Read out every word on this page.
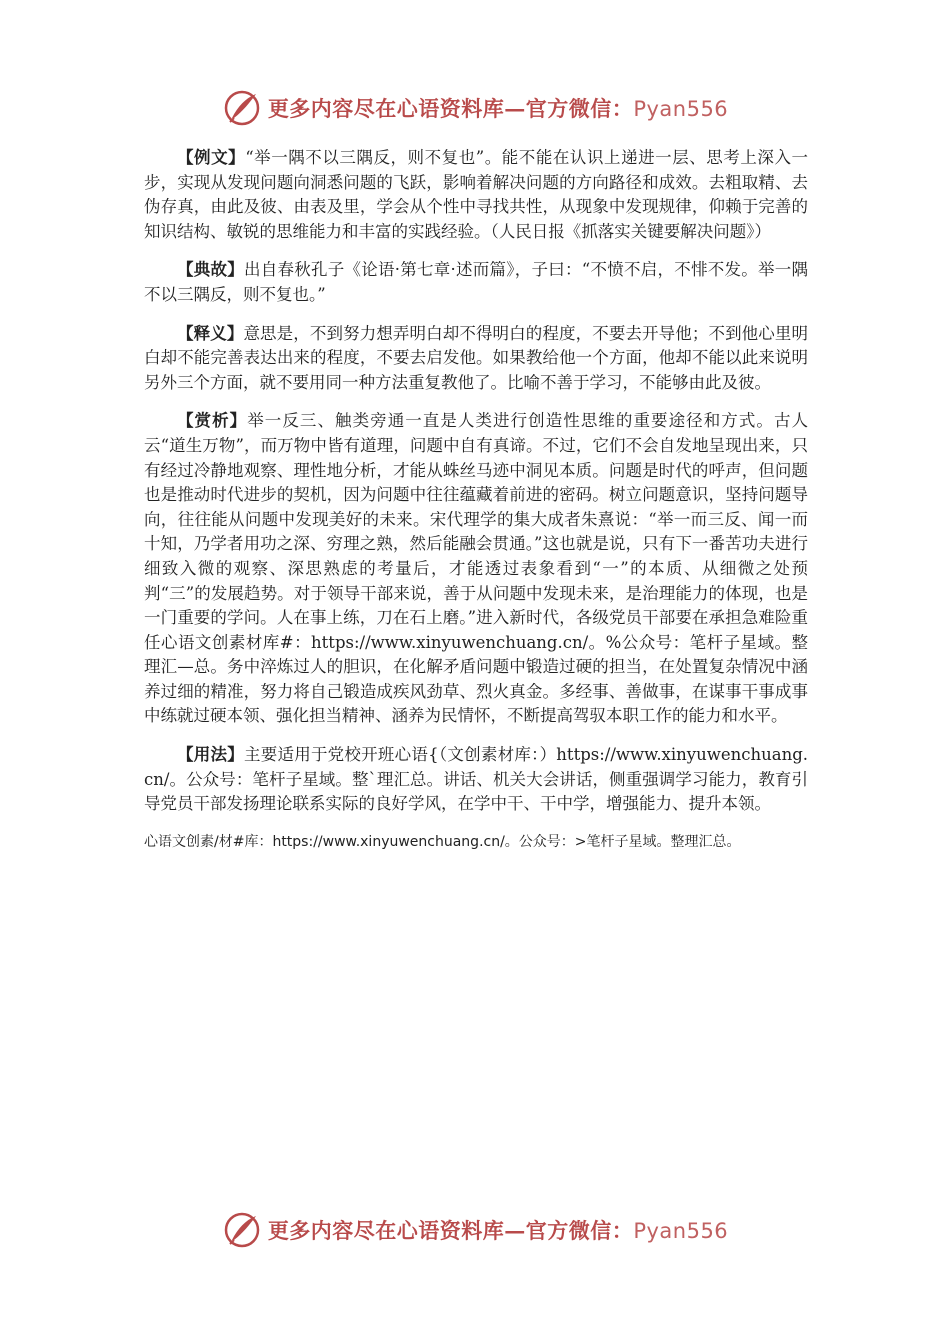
更多内容尽在心语资料库—官方微信：Pyan556

【例文】“举一隅不以三隅反，则不复也”。能不能在认识上递进一层、思考上深入一步，实现从发现问题向洞悉问题的飞跃，影响着解决问题的方向路径和成效。去粗取精、去伪存真，由此及彼、由表及里，学会从个性中寻找共性，从现象中发现规律，仰赖于完善的知识结构、敏锐的思维能力和丰富的实践经验。（人民日报《抓落实关键要解决问题》）

【典故】出自春秋孔子《论语·第七章·述而篇》，子曰：“不愤不启，不悱不发。举一隅不以三隅反，则不复也。”

【释义】意思是，不到努力想弄明白却不得明白的程度，不要去开导他；不到他心里明白却不能完善表达出来的程度，不要去启发他。如果教给他一个方面，他却不能以此来说明另外三个方面，就不要用同一种方法重复教他了。比喻不善于学习，不能够由此及彼。

【赏析】举一反三、触类旁通一直是人类进行创造性思维的重要途径和方式。古人云“道生万物”，而万物中皆有道理，问题中自有真谛。不过，它们不会自发地呈现出来，只有经过冷静地观察、理性地分析，才能从蛛丝马迹中洞见本质。问题是时代的呼声，但问题也是推动时代进步的契机，因为问题中往往蕴藏着前进的密码。树立问题意识，坚持问题导向，往往能从问题中发现美好的未来。宋代理学的集大成者朱熹说：“举一而三反、闻一而十知，乃学者用功之深、穷理之熟，然后能融会贯通。”这也就是说，只有下一番苦功夫进行细致入微的观察、深思熟虑的考量后，才能透过表象看到“一”的本质、从细微之处预判“三”的发展趋势。对于领导干部来说，善于从问题中发现未来，是治理能力的体现，也是一门重要的学问。人在事上练，刀在石上磨。”进入新时代，各级党员干部要在承担急难险重任心语文创素材库#：https://www.xinyuwenchuang.cn/。%公众号：笔杆子星域。整理汇—总。务中淬炼过人的胆识，在化解矛盾问题中锻造过硬的担当，在处置复杂情况中涵养过细的精准，努力将自己锻造成疾风劲草、烈火真金。多经事、善做事，在谋事干事成事中练就过硬本领、强化担当精神、涵养为民情怀，不断提高驾驭本职工作的能力和水平。

【用法】主要适用于党校开班心语{（文创素材库：）https://www.xinyuwenchuang.cn/。公众号：笔杆子星域。整`理汇总。讲话、机关大会讲话，侧重强调学习能力，教育引导党员干部发扬理论联系实际的良好学风，在学中干、干中学，增强能力、提升本领。

心语文创素/材#库：https://www.xinyuwenchuang.cn/。公众号：>笔杆子星域。整理汇总。
更多内容尽在心语资料库—官方微信：Pyan556
